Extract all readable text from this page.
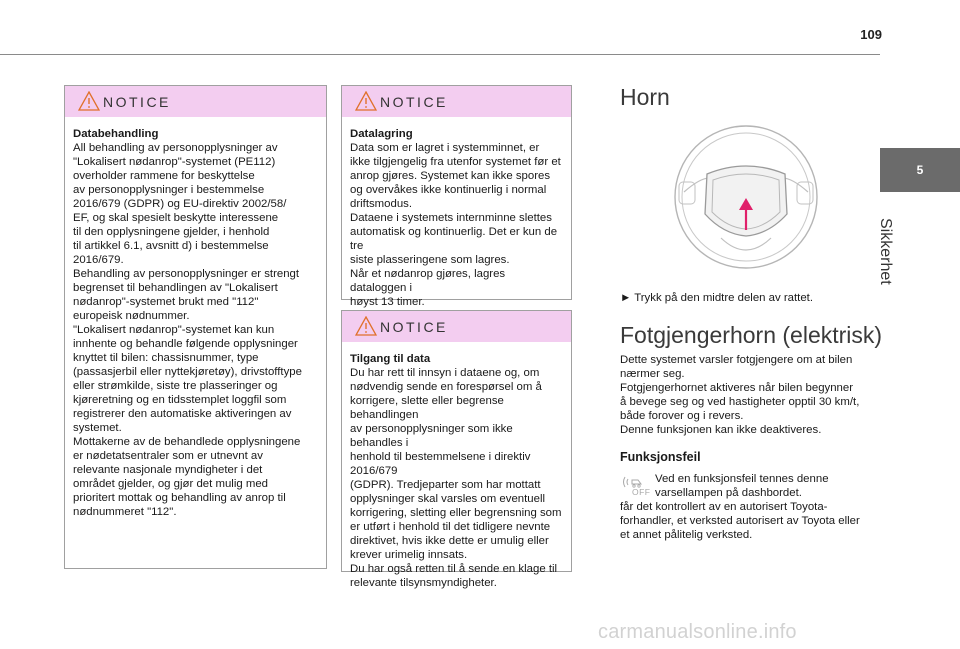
109
5
Sikkerhet
NOTICE
Databehandling
All behandling av personopplysninger av
"Lokalisert nødanrop"-systemet (PE112)
overholder rammene for beskyttelse
av personopplysninger i bestemmelse
2016/679 (GDPR) og EU-direktiv 2002/58/
EF, og skal spesielt beskytte interessene
til den opplysningene gjelder, i henhold
til artikkel 6.1, avsnitt d) i bestemmelse
2016/679.
Behandling av personopplysninger er strengt
begrenset til behandlingen av "Lokalisert
nødanrop"-systemet brukt med "112"
europeisk nødnummer.
"Lokalisert nødanrop"-systemet kan kun
innhente og behandle følgende opplysninger
knyttet til bilen: chassisnummer, type
(passasjerbil eller nyttekjøretøy), drivstofftype
eller strømkilde, siste tre plasseringer og
kjøreretning og en tidsstemplet loggfil som
registrerer den automatiske aktiveringen av
systemet.
Mottakerne av de behandlede opplysningene
er nødetatsentraler som er utnevnt av
relevante nasjonale myndigheter i det
området gjelder, og gjør det mulig med
prioritert mottak og behandling av anrop til
nødnummeret "112".
NOTICE
Datalagring
Data som er lagret i systemminnet, er
ikke tilgjengelig fra utenfor systemet før et
anrop gjøres. Systemet kan ikke spores
og overvåkes ikke kontinuerlig i normal
driftsmodus.
Dataene i systemets internminne slettes
automatisk og kontinuerlig. Det er kun de tre
siste plasseringene som lagres.
Når et nødanrop gjøres, lagres dataloggen i
høyst 13 timer.
NOTICE
Tilgang til data
Du har rett til innsyn i dataene og, om
nødvendig sende en forespørsel om å
korrigere, slette eller begrense behandlingen
av personopplysninger som ikke behandles i
henhold til bestemmelsene i direktiv 2016/679
(GDPR). Tredjeparter som har mottatt
opplysninger skal varsles om eventuell
korrigering, sletting eller begrensning som
er utført i henhold til det tidligere nevnte
direktivet, hvis ikke dette er umulig eller
krever urimelig innsats.
Du har også retten til å sende en klage til
relevante tilsynsmyndigheter.
Horn
► Trykk på den midtre delen av rattet.
Fotgjengerhorn (elektrisk)
Dette systemet varsler fotgjengere om at bilen
nærmer seg.
Fotgjengerhornet aktiveres når bilen begynner
å bevege seg og ved hastigheter opptil 30 km/t,
både forover og i revers.
Denne funksjonen kan ikke deaktiveres.
Funksjonsfeil
OFF
Ved en funksjonsfeil tennes denne
varsellampen på dashbordet.
får det kontrollert av en autorisert Toyota-
forhandler, et verksted autorisert av Toyota eller
et annet pålitelig verksted.
carmanualsonline.info
